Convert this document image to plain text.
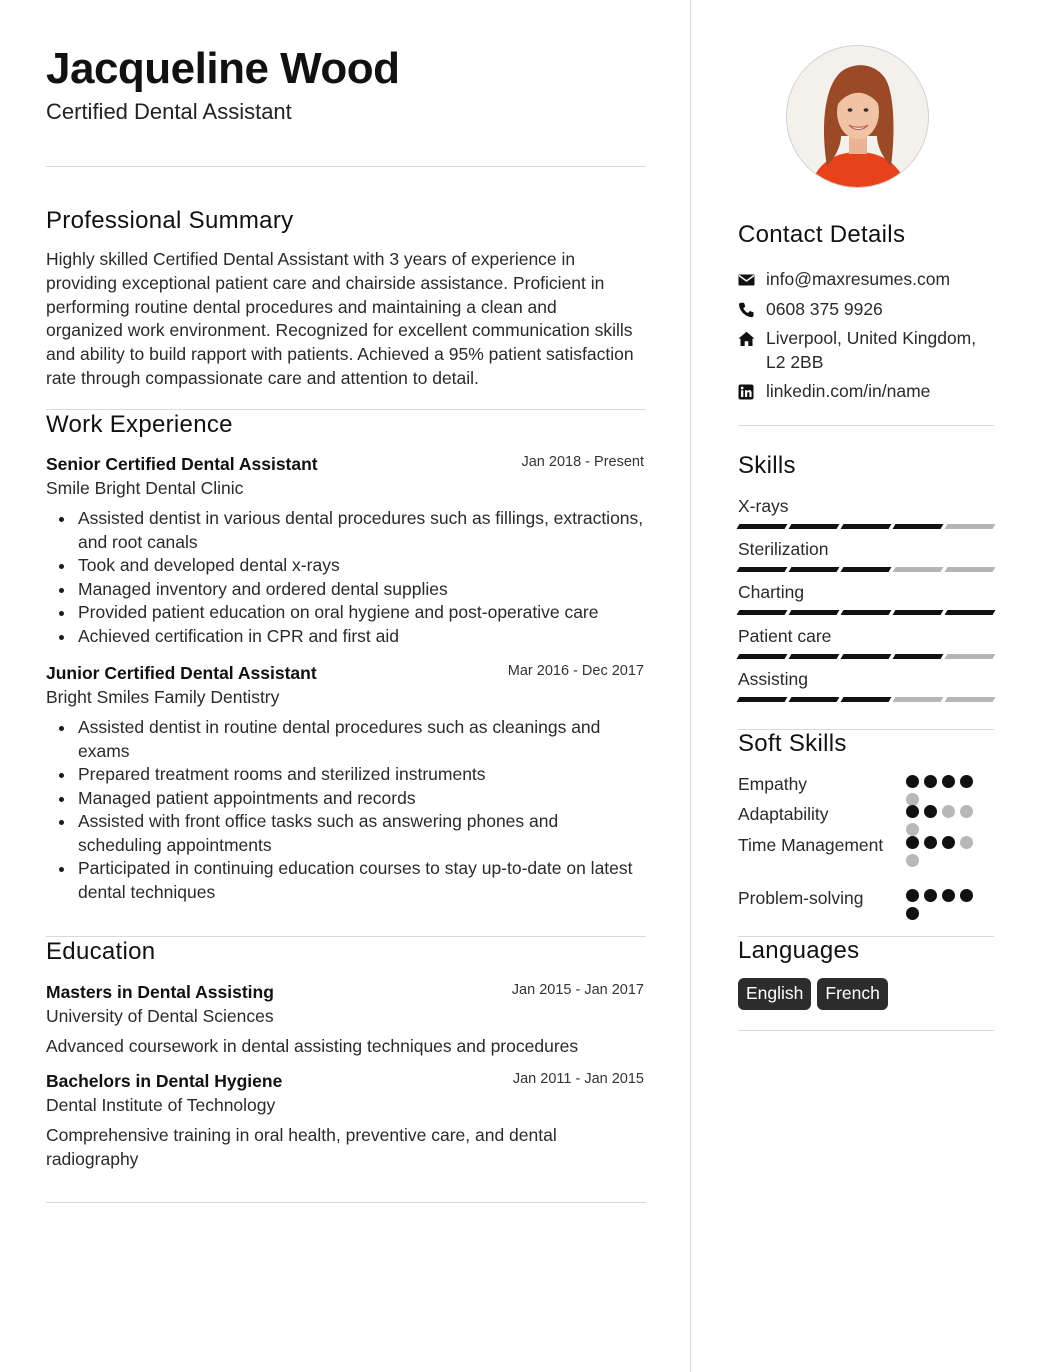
Jacqueline Wood
Certified Dental Assistant
Professional Summary
Highly skilled Certified Dental Assistant with 3 years of experience in providing exceptional patient care and chairside assistance. Proficient in performing routine dental procedures and maintaining a clean and organized work environment. Recognized for excellent communication skills and ability to build rapport with patients. Achieved a 95% patient satisfaction rate through compassionate care and attention to detail.
Work Experience
Senior Certified Dental Assistant	Jan 2018 - Present
Smile Bright Dental Clinic
Assisted dentist in various dental procedures such as fillings, extractions, and root canals
Took and developed dental x-rays
Managed inventory and ordered dental supplies
Provided patient education on oral hygiene and post-operative care
Achieved certification in CPR and first aid
Junior Certified Dental Assistant	Mar 2016 - Dec 2017
Bright Smiles Family Dentistry
Assisted dentist in routine dental procedures such as cleanings and exams
Prepared treatment rooms and sterilized instruments
Managed patient appointments and records
Assisted with front office tasks such as answering phones and scheduling appointments
Participated in continuing education courses to stay up-to-date on latest dental techniques
Education
Masters in Dental Assisting	Jan 2015 - Jan 2017
University of Dental Sciences
Advanced coursework in dental assisting techniques and procedures
Bachelors in Dental Hygiene	Jan 2011 - Jan 2015
Dental Institute of Technology
Comprehensive training in oral health, preventive care, and dental radiography
Contact Details
info@maxresumes.com
0608 375 9926
Liverpool, United Kingdom, L2 2BB
linkedin.com/in/name
Skills
X-rays
Sterilization
Charting
Patient care
Assisting
Soft Skills
Empathy
Adaptability
Time Management
Problem-solving
Languages
English	French
